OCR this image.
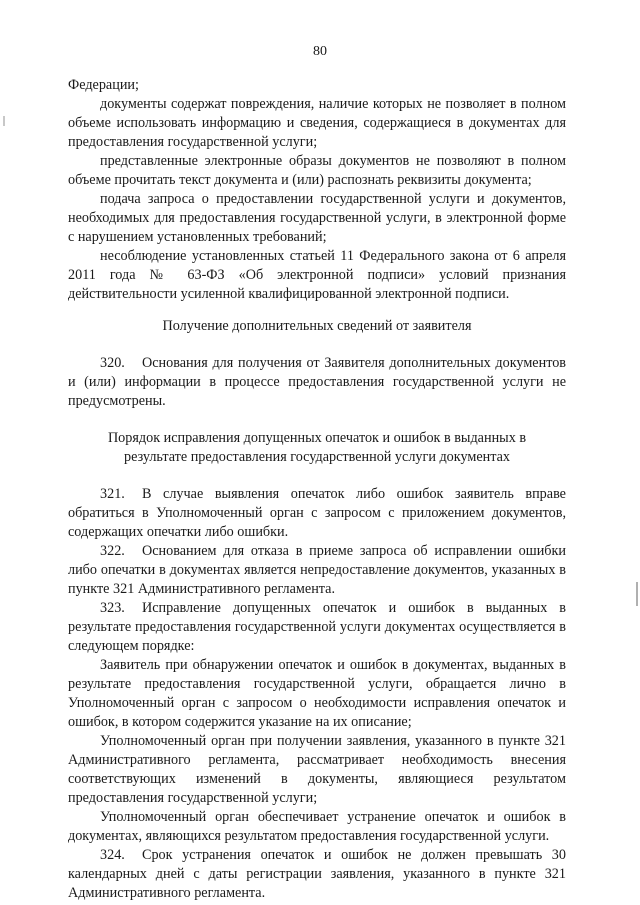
80

Федерации;

документы содержат повреждения, наличие которых не позволяет в полном объеме использовать информацию и сведения, содержащиеся в документах для предоставления государственной услуги;

представленные электронные образы документов не позволяют в полном объеме прочитать текст документа и (или) распознать реквизиты документа;

подача запроса о предоставлении государственной услуги и документов, необходимых для предоставления государственной услуги, в электронной форме с нарушением установленных требований;

несоблюдение установленных статьей 11 Федерального закона от 6 апреля 2011 года № 63-ФЗ «Об электронной подписи» условий признания действительности усиленной квалифицированной электронной подписи.

Получение дополнительных сведений от заявителя

320. Основания для получения от Заявителя дополнительных документов и (или) информации в процессе предоставления государственной услуги не предусмотрены.

Порядок исправления допущенных опечаток и ошибок в выданных в
результате предоставления государственной услуги документах

321. В случае выявления опечаток либо ошибок заявитель вправе обратиться в Уполномоченный орган с запросом с приложением документов, содержащих опечатки либо ошибки.

322. Основанием для отказа в приеме запроса об исправлении ошибки либо опечатки в документах является непредоставление документов, указанных в пункте 321 Административного регламента.

323. Исправление допущенных опечаток и ошибок в выданных в результате предоставления государственной услуги документах осуществляется в следующем порядке:

Заявитель при обнаружении опечаток и ошибок в документах, выданных в результате предоставления государственной услуги, обращается лично в Уполномоченный орган с запросом о необходимости исправления опечаток и ошибок, в котором содержится указание на их описание;

Уполномоченный орган при получении заявления, указанного в пункте 321 Административного регламента, рассматривает необходимость внесения соответствующих изменений в документы, являющиеся результатом предоставления государственной услуги;

Уполномоченный орган обеспечивает устранение опечаток и ошибок в документах, являющихся результатом предоставления государственной услуги.

324. Срок устранения опечаток и ошибок не должен превышать 30 календарных дней с даты регистрации заявления, указанного в пункте 321 Административного регламента.
